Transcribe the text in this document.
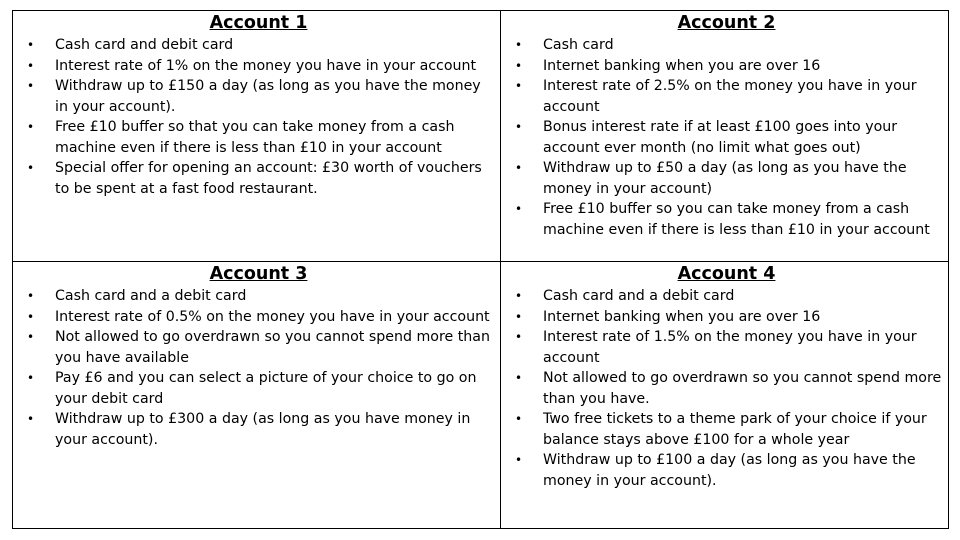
Account 1
• Cash card and debit card
• Interest rate of 1% on the money you have in your account
• Withdraw up to £150 a day (as long as you have the money in your account).
• Free £10 buffer so that you can take money from a cash machine even if there is less than £10 in your account
• Special offer for opening an account: £30 worth of vouchers to be spent at a fast food restaurant.
Account 2
• Cash card
• Internet banking when you are over 16
• Interest rate of 2.5% on the money you have in your account
• Bonus interest rate if at least £100 goes into your account ever month (no limit what goes out)
• Withdraw up to £50 a day (as long as you have the money in your account)
• Free £10 buffer so you can take money from a cash machine even if there is less than £10 in your account
Account 3
• Cash card and a debit card
• Interest rate of 0.5% on the money you have in your account
• Not allowed to go overdrawn so you cannot spend more than you have available
• Pay £6 and you can select a picture of your choice to go on your debit card
• Withdraw up to £300 a day (as long as you have money in your account).
Account 4
• Cash card and a debit card
• Internet banking when you are over 16
• Interest rate of 1.5% on the money you have in your account
• Not allowed to go overdrawn so you cannot spend more than you have.
• Two free tickets to a theme park of your choice if your balance stays above £100 for a whole year
• Withdraw up to £100 a day (as long as you have the money in your account).
